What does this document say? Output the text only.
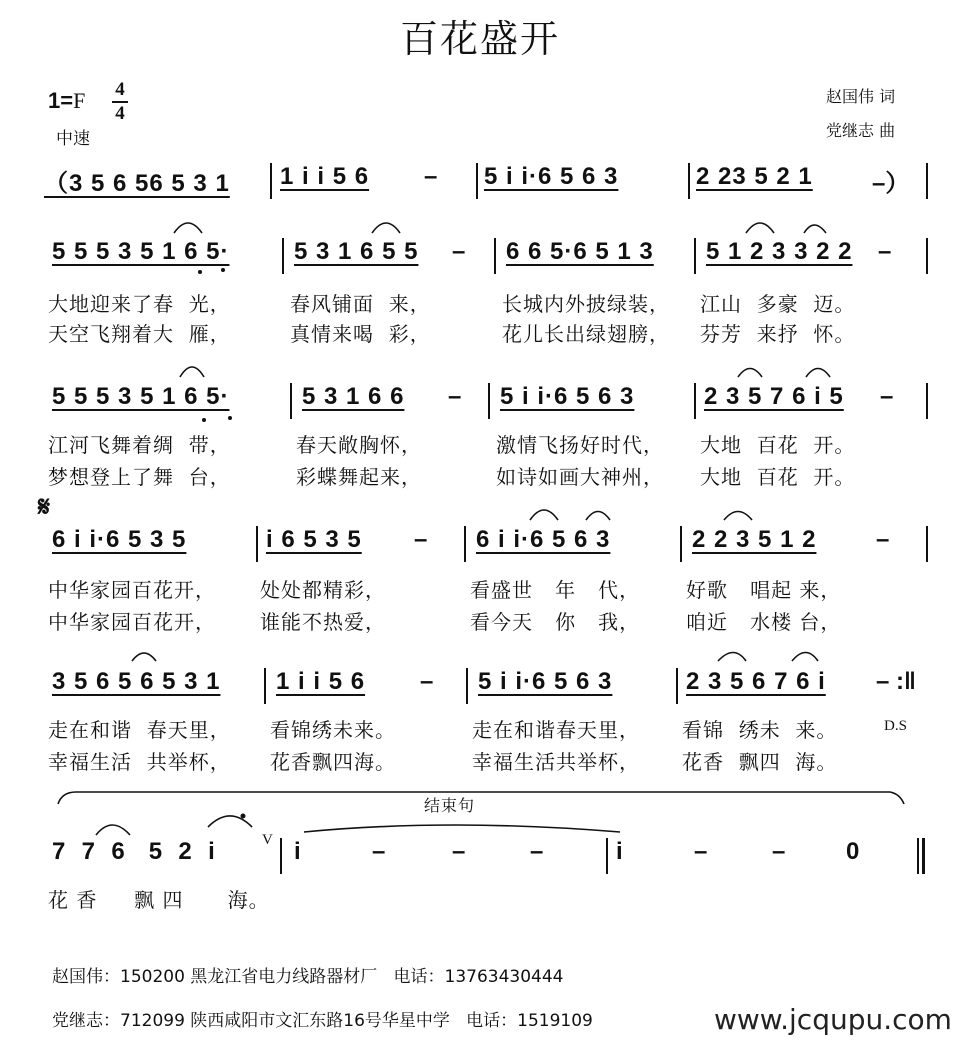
百花盛开
1=F 4
4
中速
赵国伟 词
党继志 曲
（3 5 6 56 5 3 1 1 i i 5 6 – 5 i i·6 5 6 3	2 23 5 2 1 –）
5 5 5 3 5 1 6 5·	5 3 1 6 5 5 – 6 6 5·6 5 1 3 5 1 2 3 3 2 2 –
大地迎来了春  光，	春风铺面  来，	长城内外披绿装， 江山  多豪  迈。
天空飞翔着大  雁，	真情来喝  彩，	花儿长出绿翅膀， 芬芳  来抒  怀。
5 5 5 3 5 1 6 5·	5 3 1 6 6 – 5 i i·6 5 6 3	2 3 5 7 6 i 5 –
江河飞舞着绸  带，	春天敞胸怀，	激情飞扬好时代， 大地  百花  开。
梦想登上了舞  台，	彩蝶舞起来，	如诗如画大神州， 大地  百花  开。
𝄋
6 i i·6 5 3 5	i 6 5 3 5 – 6 i i·6 5 6 3	2 2 3 5 1 2 –
中华家园百花开， 处处都精彩，	看盛世   年   代， 好歌   唱起 来，
中华家园百花开， 谁能不热爱，	看今天   你   我， 咱近   水楼 台，
3 5 6 5 6 5 3 1 1 i i 5 6 – 5 i i·6 5 6 3	2 3 5 6 7 6 i – :‖
走在和谐  春天里， 看锦绣未来。	走在和谐春天里， 看锦  绣未  来。	D.S
幸福生活  共举杯， 花香飘四海。	幸福生活共举杯， 花香  飘四  海。
结束句
7  7  6   5  2  i	V i	–	–	–	i	–	–	0
花 香     飘 四      海。
赵国伟：150200 黑龙江省电力线路器材厂   电话：13763430444
党继志：712099 陕西咸阳市文汇东路16号华星中学   电话：1519109	www.jcqupu.com
